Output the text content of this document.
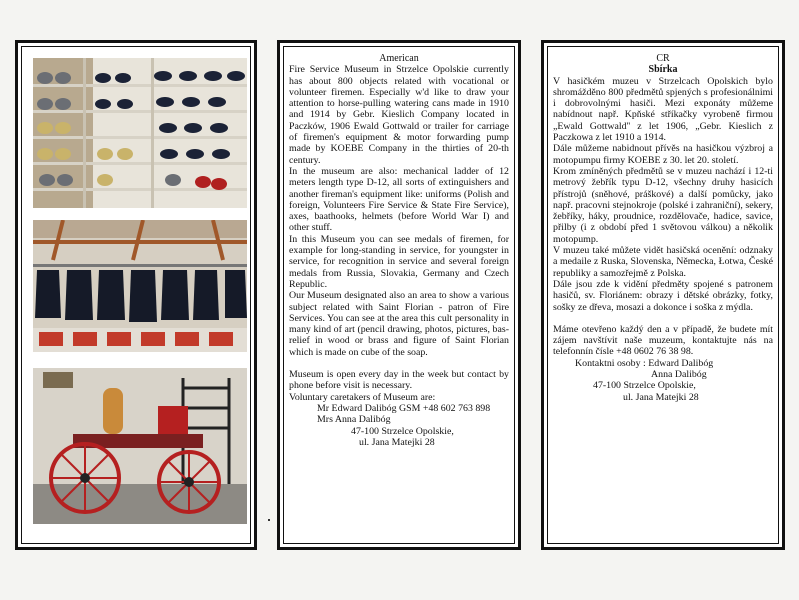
American

Fire Service Museum in Strzelce Opolskie currently has about 800 objects related with vocational or volunteer firemen. Especially w'd like to draw your attention to horse-pulling watering cans made in 1910 and 1914 by Gebr. Kieslich Company located in Paczków, 1906 Ewald Gottwald or trailer for carriage of firemen's equipment & motor forwarding pump made by KOEBE Company in the thirties of 20-th century.

In the museum are also: mechanical ladder of 12 meters length type D-12, all sorts of extinguishers and another fireman's equipment like: uniforms (Polish and foreign, Volunteers Fire Service & State Fire Service), axes, baathooks, helmets (before World War I) and other stuff.

In this Museum you can see medals of firemen, for example for long-standing in service, for youngster in service, for recognition in service and several foreign medals from Russia, Slovakia, Germany and Czech Republic.

Our Museum designated also an area to show a various subject related with Saint Florian - patron of Fire Services. You can see at the area this cult personality in many kind of art (pencil drawing, photos, pictures, bas-relief in wood or brass and figure of Saint Florian which is made on cube of the soap.

Museum is open every day in the week but contact by phone before visit is necessary.

Voluntary caretakers of Museum are:

Mr Edward Dalibóg GSM +48 602 763 898

Mrs Anna Dalibóg

47-100 Strzelce Opolskie,

ul. Jana Matejki 28

CR

Sbírka

V hasičkém muzeu v Strzelcach Opolskich bylo shromážděno 800 předmětů spjených s profesionálnimi i dobrovolnými hasiči. Mezi exponáty můžeme nabídnout např. Kpňské stříkačky vyrobeně firmou „Ewald Gottwald'' z let 1906, „Gebr. Kieslich z Paczkowa z let 1910 a 1914.

Dále můžeme nabidnout přívěs na hasičkou výzbroj a motopumpu firmy KOEBE z 30. let 20. století.

Krom zmíněných předmětů se v muzeu nachází i 12-ti metrový žebřík typu D-12, všechny druhy hasicích přístrojů (sněhové, práškové) a další pomůcky, jako např. pracovni stejnokroje (polské i zahraniční), sekery, žebříky, háky, proudnice, rozdělovače, hadice, savice, přilby (i z období před 1 světovou válkou) a několik motopump.

V muzeu také můžete vidět hasičská ocenění: odznaky a medaile z Ruska, Slovenska, Německa, Łotwa, České republiky a samozřejmě z Polska.

Dále jsou zde k vidění předměty spojené s patronem hasičů, sv. Floriánem: obrazy i dětské obrázky, fotky, sošky ze dřeva, mosazi a dokonce i soška z mýdla.

Máme otevřeno každý den a v případě, že budete mít zájem navštívit naše muzeum, kontaktujte nás na telefonnín čísle +48 0602 76 38 98.

Kontaktni osoby : Edward Dalibóg

Anna Dalibóg

47-100 Strzelce Opolskie,

ul. Jana Matejki 28
